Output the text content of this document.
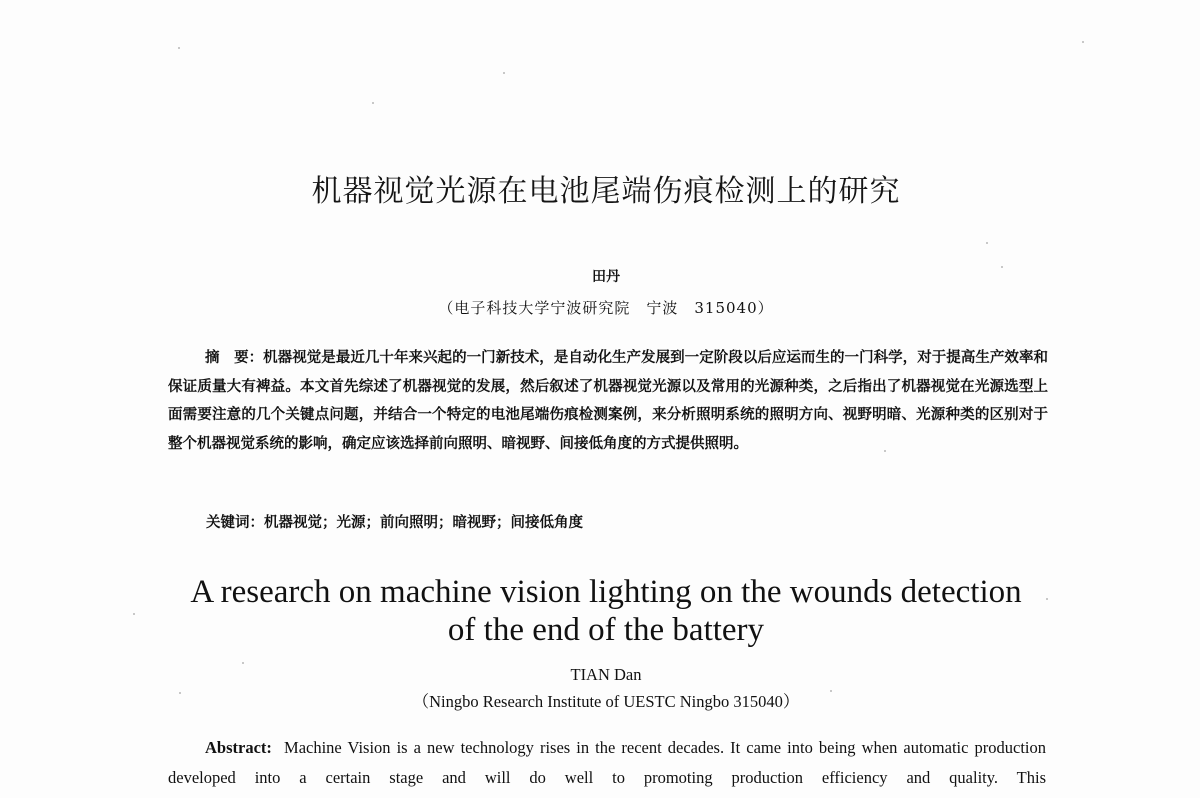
机器视觉光源在电池尾端伤痕检测上的研究
田丹
（电子科技大学宁波研究院　宁波　315040）

摘　要：机器视觉是最近几十年来兴起的一门新技术，是自动化生产发展到一定阶段以后应运而生的一门科学，对于提高生产效率和保证质量大有裨益。本文首先综述了机器视觉的发展，然后叙述了机器视觉光源以及常用的光源种类，之后指出了机器视觉在光源选型上面需要注意的几个关键点问题，并结合一个特定的电池尾端伤痕检测案例，来分析照明系统的照明方向、视野明暗、光源种类的区别对于整个机器视觉系统的影响，确定应该选择前向照明、暗视野、间接低角度的方式提供照明。

关键词：机器视觉；光源；前向照明；暗视野；间接低角度
A research on machine vision lighting on the wounds detection
of the end of the battery
TIAN Dan
（Ningbo Research Institute of UESTC Ningbo 315040）

Abstract: Machine Vision is a new technology rises in the recent decades. It came into being when automatic production developed into a certain stage and will do well to promoting production efficiency and quality. This
